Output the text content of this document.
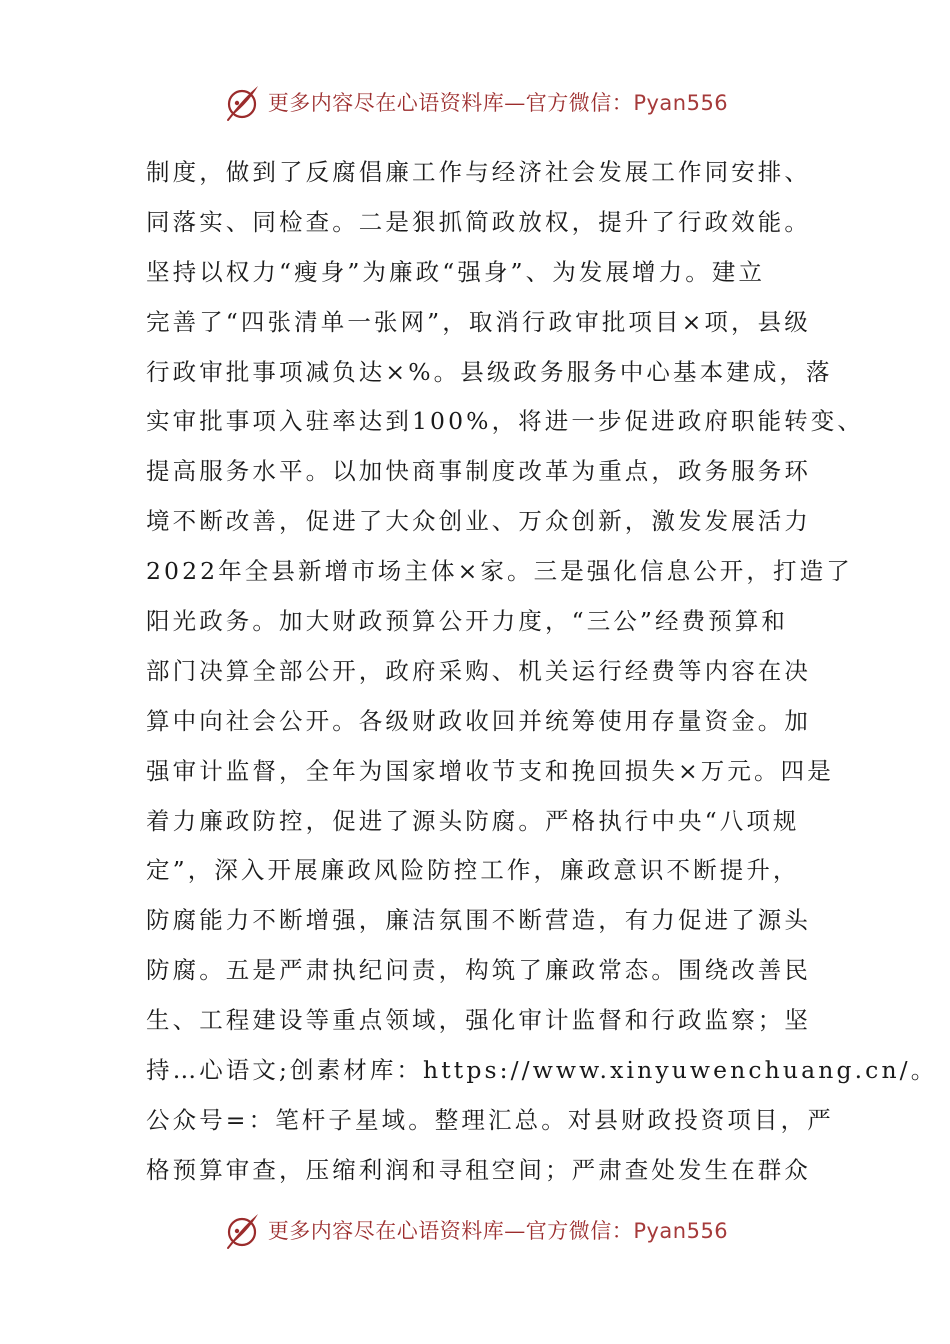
更多内容尽在心语资料库—官方微信：Pyan556
制度，做到了反腐倡廉工作与经济社会发展工作同安排、
同落实、同检查。二是狠抓简政放权，提升了行政效能。
坚持以权力“瘦身”为廉政“强身”、为发展增力。建立
完善了“四张清单一张网”，取消行政审批项目×项，县级
行政审批事项减负达×%。县级政务服务中心基本建成，落
实审批事项入驻率达到100%，将进一步促进政府职能转变、
提高服务水平。以加快商事制度改革为重点，政务服务环
境不断改善，促进了大众创业、万众创新，激发发展活力
2022年全县新增市场主体×家。三是强化信息公开，打造了
阳光政务。加大财政预算公开力度，“三公”经费预算和
部门决算全部公开，政府采购、机关运行经费等内容在决
算中向社会公开。各级财政收回并统筹使用存量资金。加
强审计监督，全年为国家增收节支和挽回损失×万元。四是
着力廉政防控，促进了源头防腐。严格执行中央“八项规
定”，深入开展廉政风险防控工作，廉政意识不断提升，
防腐能力不断增强，廉洁氛围不断营造，有力促进了源头
防腐。五是严肃执纪问责，构筑了廉政常态。围绕改善民
生、工程建设等重点领域，强化审计监督和行政监察；坚
持…心语文;创素材库：https://www.xinyuwenchuang.cn/。
公众号=：笔杆子星域。整理汇总。对县财政投资项目，严
格预算审查，压缩利润和寻租空间；严肃查处发生在群众
更多内容尽在心语资料库—官方微信：Pyan556
